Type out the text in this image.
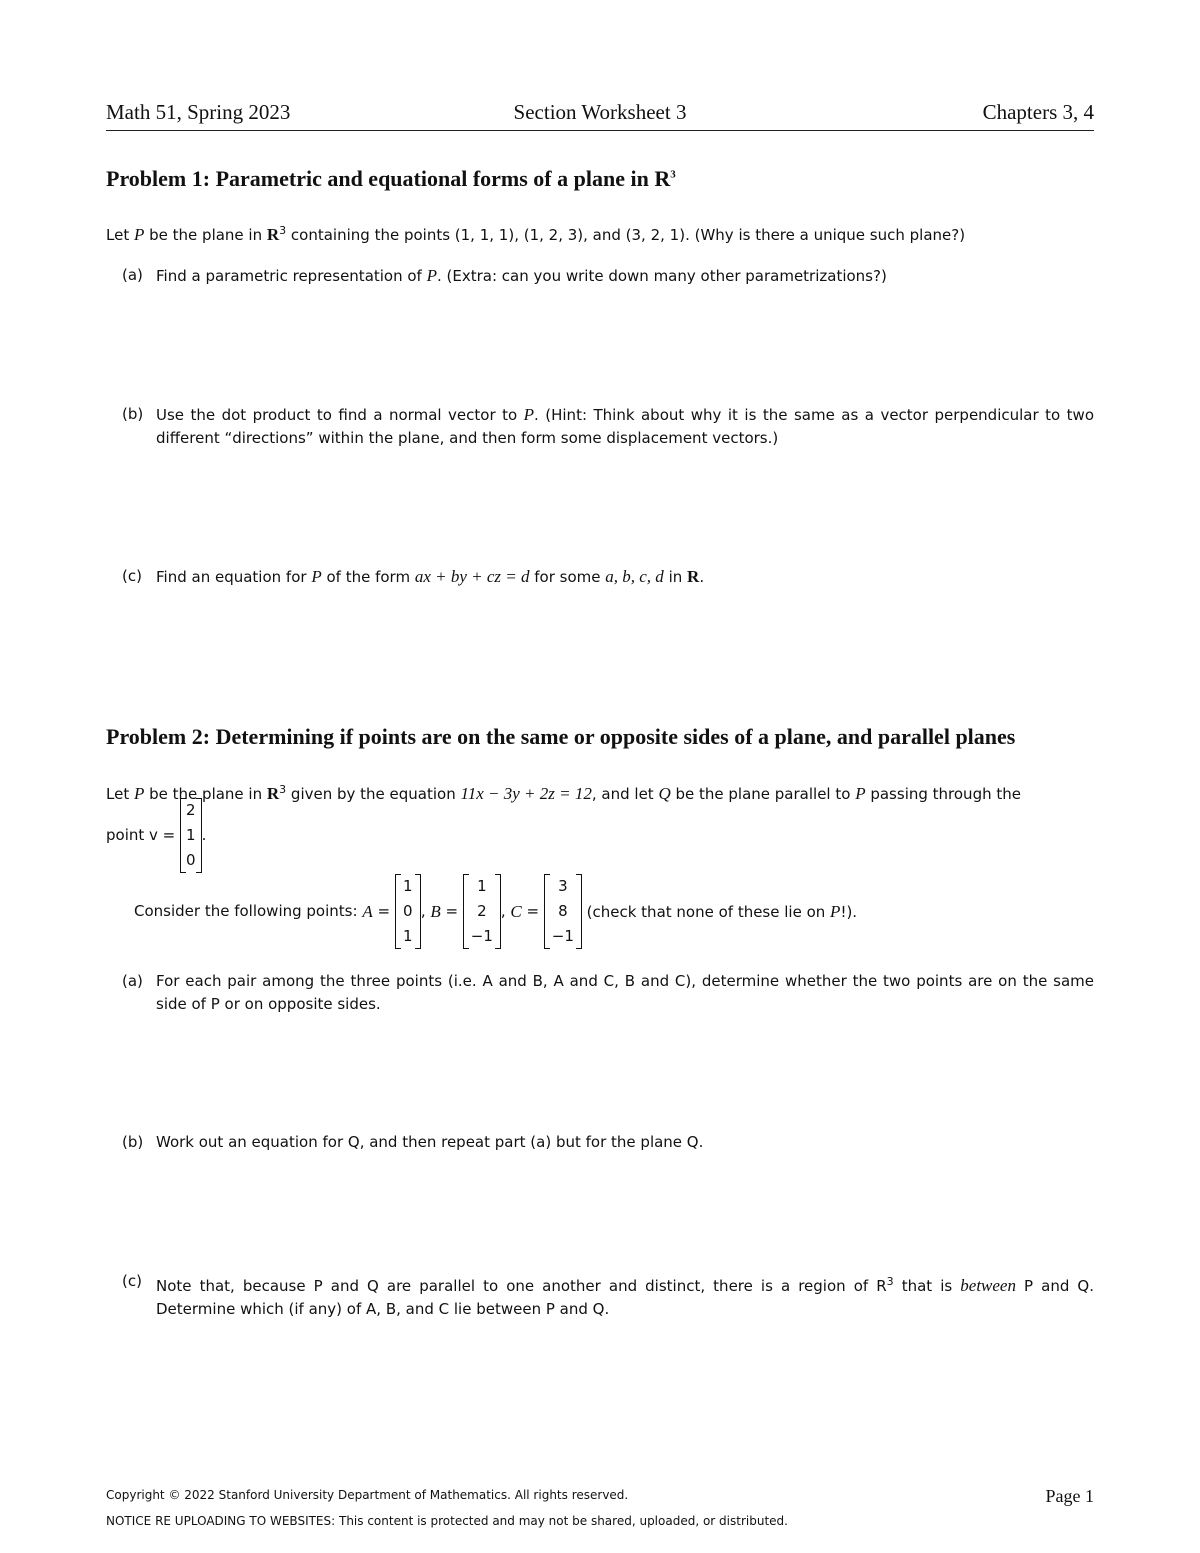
Math 51, Spring 2023	Section Worksheet 3	Chapters 3, 4
Problem 1: Parametric and equational forms of a plane in $R^3$
Let P be the plane in $R^3$ containing the points (1, 1, 1), (1, 2, 3), and (3, 2, 1). (Why is there a unique such plane?)
(a) Find a parametric representation of P. (Extra: can you write down many other parametrizations?)
(b) Use the dot product to find a normal vector to P. (Hint: Think about why it is the same as a vector perpendicular to two different “directions” within the plane, and then form some displacement vectors.)
(c) Find an equation for P of the form ax + by + cz = d for some a, b, c, d in R.
Problem 2: Determining if points are on the same or opposite sides of a plane, and parallel planes
Let P be the plane in $R^3$ given by the equation 11x − 3y + 2z = 12, and let Q be the plane parallel to P passing through the
point v =
2
1
0
.
Consider the following points: A =
1
0
1
, B =
1
2
−1
, C =
3
8
−1
(check that none of these lie on P!).
(a) For each pair among the three points (i.e. A and B, A and C, B and C), determine whether the two points are on the same side of P or on opposite sides.
(b) Work out an equation for Q, and then repeat part (a) but for the plane Q.
(c) Note that, because P and Q are parallel to one another and distinct, there is a region of $R^3$ that is between P and Q. Determine which (if any) of A, B, and C lie between P and Q.
Copyright © 2022 Stanford University Department of Mathematics. All rights reserved.
NOTICE RE UPLOADING TO WEBSITES: This content is protected and may not be shared, uploaded, or distributed.
Page 1
